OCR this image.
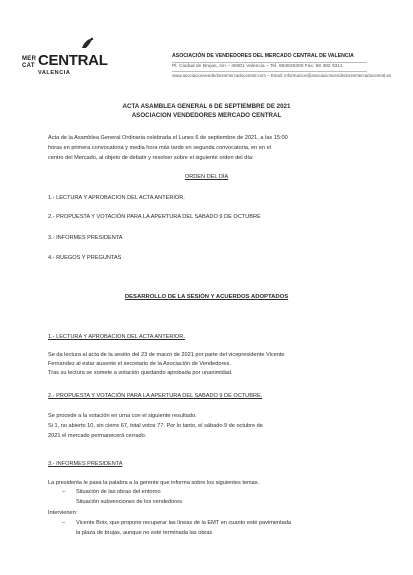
MER
CAT CENTRAL
VALENCIA
ASOCIACIÓN DE VENDEDORES DEL MERCADO CENTRAL DE VALENCIA
Pl. Ciudad de Brujas, s/n – 46001 Valencia – Tel. 963829300 Fax. 96 382 9311
www.asociacionvendedoresmercadocentral.com – Email: informacion@asociacionvendedoresmercadocentral.es
ACTA ASAMBLEA GENERAL 6 DE SEPTIEMBRE DE 2021
ASOCIACION VENDEDORES MERCADO CENTRAL
Acta de la Asamblea General Ordinaria celebrada el Lunes 6 de septiembre de 2021, a las 15:00
horas en primera convocatoria y media hora más tarde en segunda convocatoria, en en el
centro del Mercado, al objeto de debatir y resolver sobre el siguiente orden del día:
ORDEN DEL DÍA
1.- LECTURA Y APROBACION DEL ACTA ANTERIOR.
2.- PROPUESTA Y VOTACIÓN PARA LA APERTURA DEL SABADO 9 DE OCTUBRE
3.- INFORMES PRESIDENTA
4.- RUEGOS Y PREGUNTAS
DESARROLLO DE LA SESIÓN Y ACUERDOS ADOPTADOS
1.- LECTURA Y APROBACION DEL ACTA ANTERIOR.
Se da lectura al acta de la sesión del 23 de marzo de 2021 por parte del vicepresidente Vicente
Fernandez al estar ausente el secretario de la Asociación de Vendedores.
Tras su lectura se somete a votación quedando aprobada por unanimidad.
2.- PROPUESTA Y VOTACIÓN PARA LA APERTURA DEL SABADO 9 DE OCTUBRE.
Se procede a la votación en urna con el siguiente resultado.
Si 1, no abierto 10, sin cierre 67, total votos 77. Por lo tanto, el sábado 9 de octubre de
2021 el mercado permanecerá cerrado.
3.- INFORMES PRESIDENTA
La presidenta le pasa la palabra a la gerente que informa sobre los siguientes temas.
– Situación de las obras del entorno
Situación subvenciones de los vendedores
Intervienen:
– Vicente Boix, que propone recuperar las líneas de la EMT en cuanto esté pavimentada
la plaza de brujas, aunque no esté terminada las obras
